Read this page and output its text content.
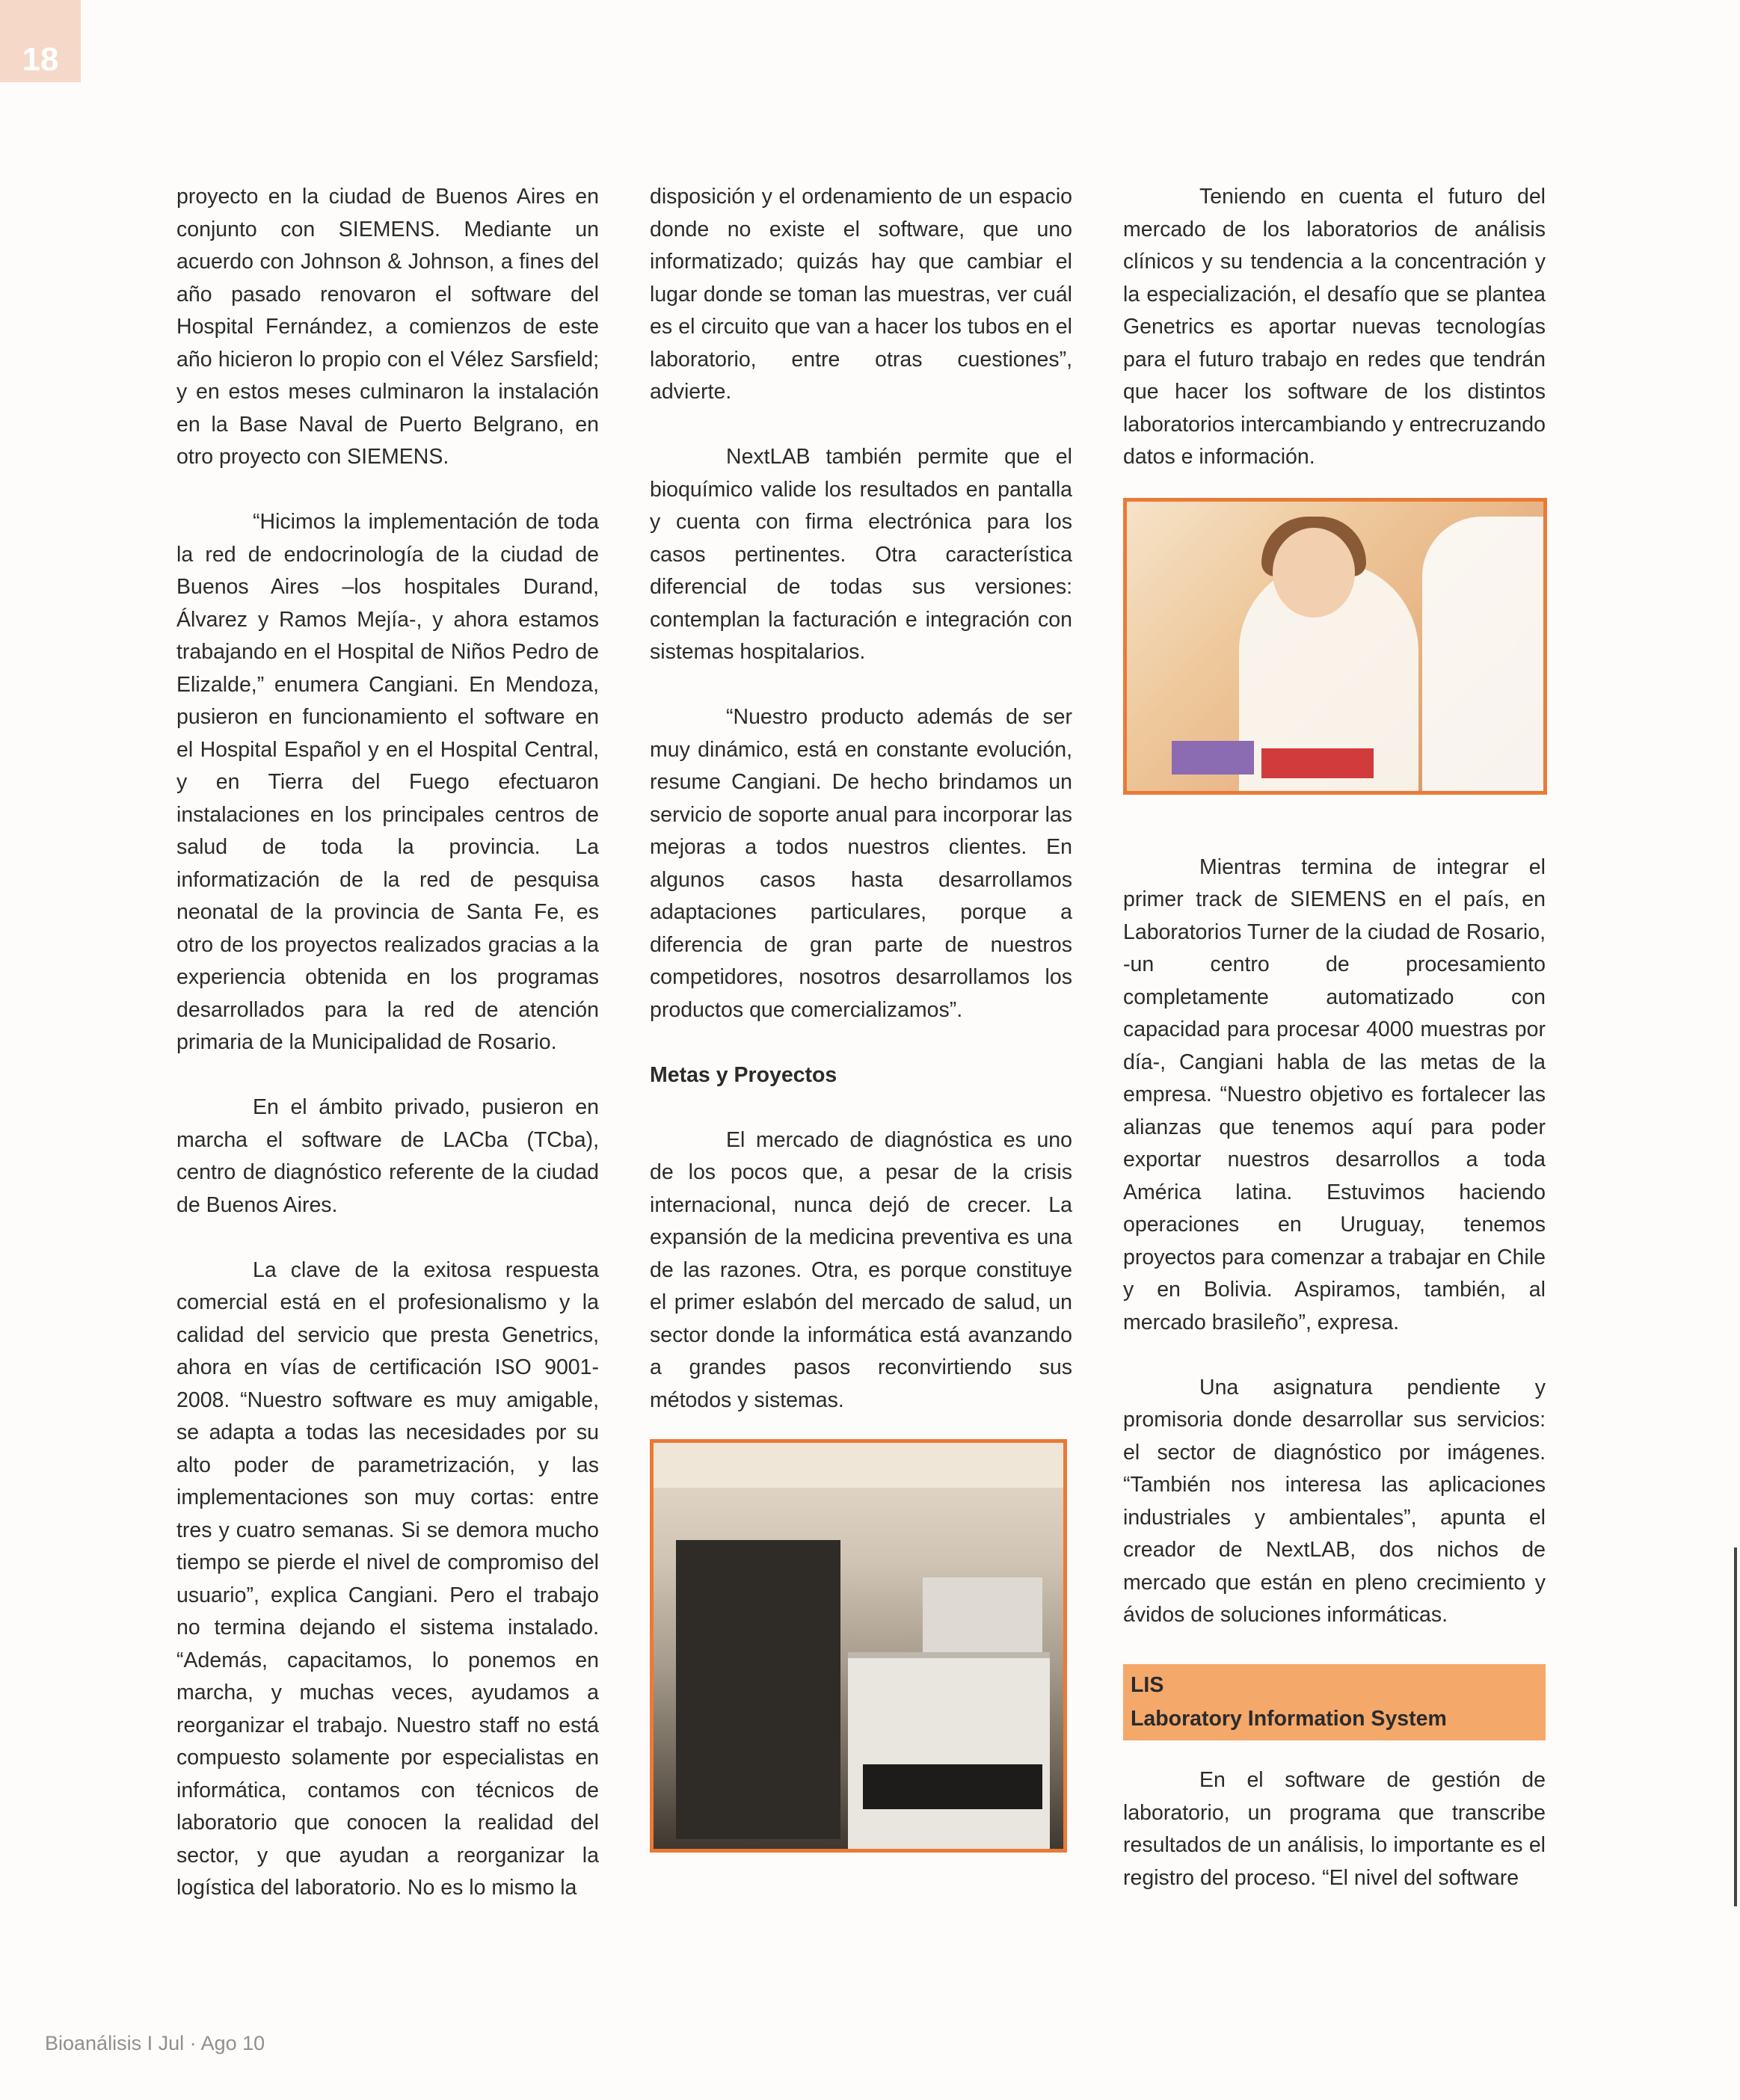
18

proyecto en la ciudad de Buenos Aires en conjunto con SIEMENS. Mediante un acuerdo con Johnson & Johnson, a fines del año pasado renovaron el software del Hospital Fernández, a comienzos de este año hicieron lo propio con el Vélez Sarsfield; y en estos meses culminaron la instalación en la Base Naval de Puerto Belgrano, en otro proyecto con SIEMENS.

“Hicimos la implementación de toda la red de endocrinología de la ciudad de Buenos Aires –los hospitales Durand, Álvarez y Ramos Mejía-, y ahora estamos trabajando en el Hospital de Niños Pedro de Elizalde,” enumera Cangiani. En Mendoza, pusieron en funcionamiento el software en el Hospital Español y en el Hospital Central, y en Tierra del Fuego efectuaron instalaciones en los principales centros de salud de toda la provincia. La informatización de la red de pesquisa neonatal de la provincia de Santa Fe, es otro de los proyectos realizados gracias a la experiencia obtenida en los programas desarrollados para la red de atención primaria de la Municipalidad de Rosario.

En el ámbito privado, pusieron en marcha el software de LACba (TCba), centro de diagnóstico referente de la ciudad de Buenos Aires.

La clave de la exitosa respuesta comercial está en el profesionalismo y la calidad del servicio que presta Genetrics, ahora en vías de certificación ISO 9001-2008. “Nuestro software es muy amigable, se adapta a todas las necesidades por su alto poder de parametrización, y las implementaciones son muy cortas: entre tres y cuatro semanas. Si se demora mucho tiempo se pierde el nivel de compromiso del usuario”, explica Cangiani. Pero el trabajo no termina dejando el sistema instalado. “Además, capacitamos, lo ponemos en marcha, y muchas veces, ayudamos a reorganizar el trabajo. Nuestro staff no está compuesto solamente por especialistas en informática, contamos con técnicos de laboratorio que conocen la realidad del sector, y que ayudan a reorganizar la logística del laboratorio. No es lo mismo la

disposición y el ordenamiento de un espacio donde no existe el software, que uno informatizado; quizás hay que cambiar el lugar donde se toman las muestras, ver cuál es el circuito que van a hacer los tubos en el laboratorio, entre otras cuestiones”, advierte.

NextLAB también permite que el bioquímico valide los resultados en pantalla y cuenta con firma electrónica para los casos pertinentes. Otra característica diferencial de todas sus versiones: contemplan la facturación e integración con sistemas hospitalarios.

“Nuestro producto además de ser muy dinámico, está en constante evolución, resume Cangiani. De hecho brindamos un servicio de soporte anual para incorporar las mejoras a todos nuestros clientes. En algunos casos hasta desarrollamos adaptaciones particulares, porque a diferencia de gran parte de nuestros competidores, nosotros desarrollamos los productos que comercializamos”.

Metas y Proyectos

El mercado de diagnóstica es uno de los pocos que, a pesar de la crisis internacional, nunca dejó de crecer. La expansión de la medicina preventiva es una de las razones. Otra, es porque constituye el primer eslabón del mercado de salud, un sector donde la informática está avanzando a grandes pasos reconvirtiendo sus métodos y sistemas.

Teniendo en cuenta el futuro del mercado de los laboratorios de análisis clínicos y su tendencia a la concentración y la especialización, el desafío que se plantea Genetrics es aportar nuevas tecnologías para el futuro trabajo en redes que tendrán que hacer los software de los distintos laboratorios intercambiando y entrecruzando datos e información.

Mientras termina de integrar el primer track de SIEMENS en el país, en Laboratorios Turner de la ciudad de Rosario, -un centro de procesamiento completamente automatizado con capacidad para procesar 4000 muestras por día-, Cangiani habla de las metas de la empresa. “Nuestro objetivo es fortalecer las alianzas que tenemos aquí para poder exportar nuestros desarrollos a toda América latina. Estuvimos haciendo operaciones en Uruguay, tenemos proyectos para comenzar a trabajar en Chile y en Bolivia. Aspiramos, también, al mercado brasileño”, expresa.

Una asignatura pendiente y promisoria donde desarrollar sus servicios: el sector de diagnóstico por imágenes. “También nos interesa las aplicaciones industriales y ambientales”, apunta el creador de NextLAB, dos nichos de mercado que están en pleno crecimiento y ávidos de soluciones informáticas.

LIS
Laboratory Information System

En el software de gestión de laboratorio, un programa que transcribe resultados de un análisis, lo importante es el registro del proceso. “El nivel del software

Bioanálisis I Jul · Ago 10
